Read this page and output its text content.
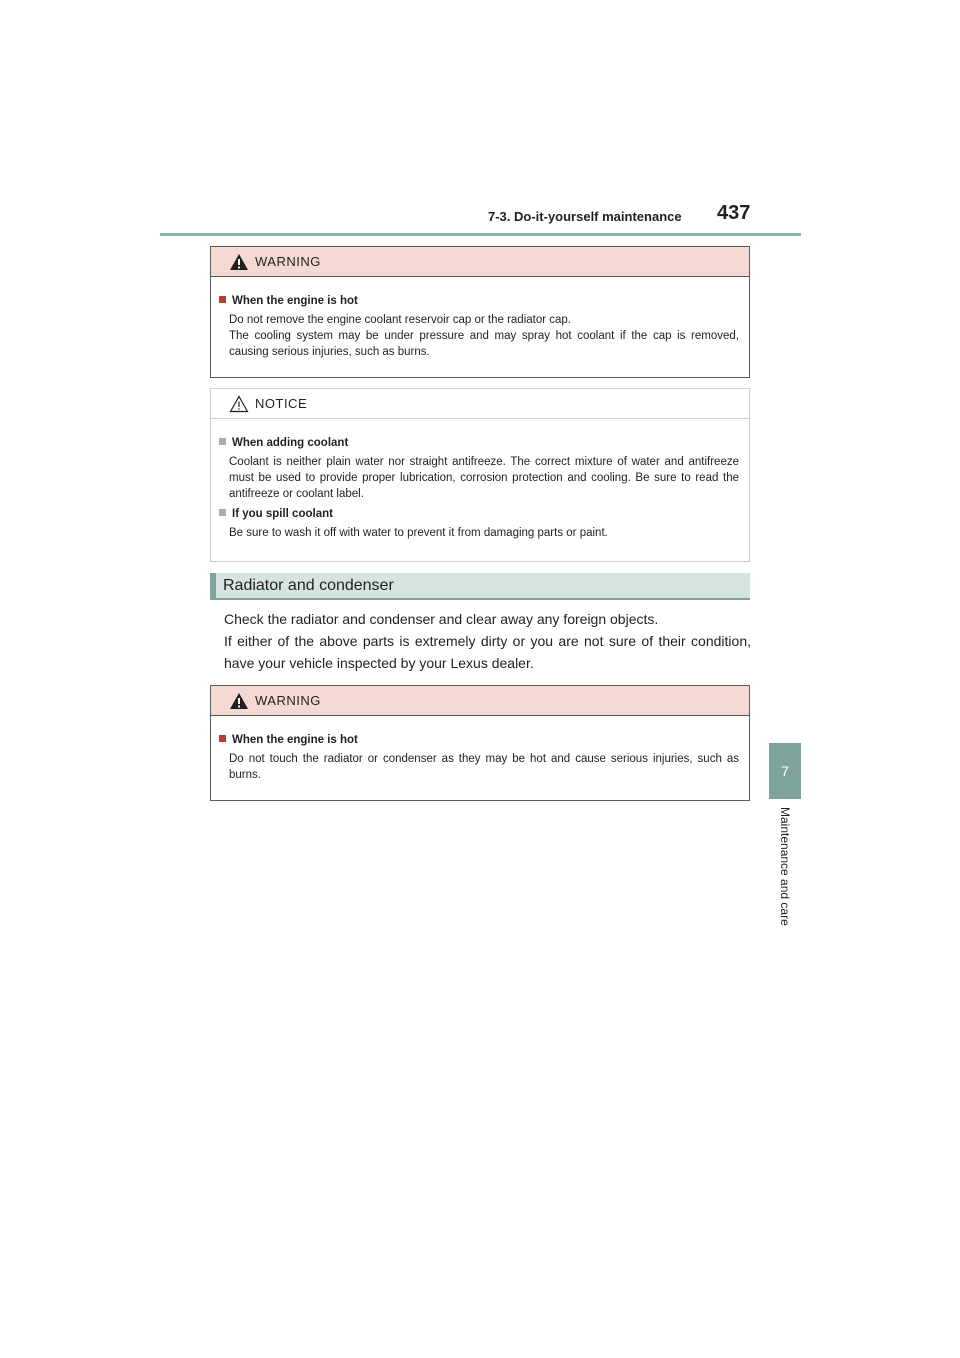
7-3. Do-it-yourself maintenance 437
7
Maintenance and care
WARNING
When the engine is hot

Do not remove the engine coolant reservoir cap or the radiator cap.

The cooling system may be under pressure and may spray hot coolant if the cap is removed, causing serious injuries, such as burns.

NOTICE
When adding coolant

Coolant is neither plain water nor straight antifreeze. The correct mixture of water and antifreeze must be used to provide proper lubrication, corrosion protection and cooling. Be sure to read the antifreeze or coolant label.

If you spill coolant

Be sure to wash it off with water to prevent it from damaging parts or paint.

Radiator and condenser

Check the radiator and condenser and clear away any foreign objects.

If either of the above parts is extremely dirty or you are not sure of their condition, have your vehicle inspected by your Lexus dealer.

WARNING
When the engine is hot

Do not touch the radiator or condenser as they may be hot and cause serious injuries, such as burns.
